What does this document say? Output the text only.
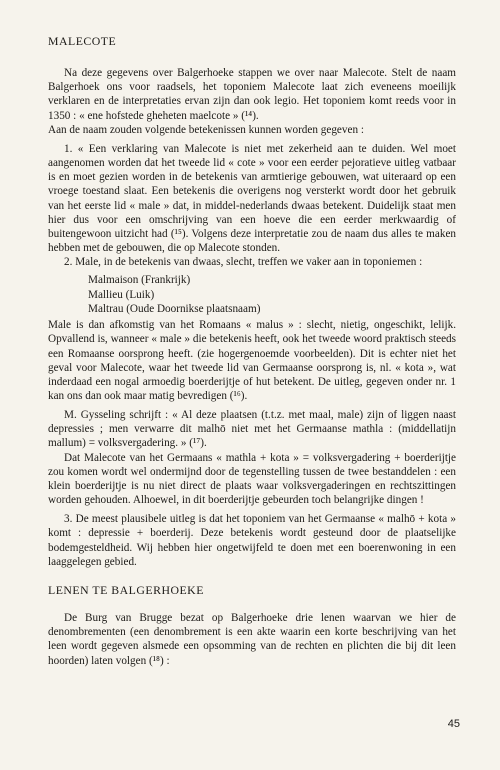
MALECOTE

Na deze gegevens over Balgerhoeke stappen we over naar Malecote. Stelt de naam Balgerhoek ons voor raadsels, het toponiem Malecote laat zich eveneens moeilijk verklaren en de interpretaties ervan zijn dan ook legio. Het toponiem komt reeds voor in 1350 : « ene hofstede gheheten maelcote » (¹⁴).

Aan de naam zouden volgende betekenissen kunnen worden gegeven :

1. « Een verklaring van Malecote is niet met zekerheid aan te duiden. Wel moet aangenomen worden dat het tweede lid « cote » voor een eerder pejoratieve uitleg vatbaar is en moet gezien worden in de betekenis van armtierige gebouwen, wat uiteraard op een vroege toestand slaat. Een betekenis die overigens nog versterkt wordt door het gebruik van het eerste lid « male » dat, in middel-nederlands dwaas betekent. Duidelijk staat men hier dus voor een omschrijving van een hoeve die een eerder merkwaardig of buitengewoon uitzicht had (¹⁵). Volgens deze interpretatie zou de naam dus alles te maken hebben met de gebouwen, die op Malecote stonden.

2. Male, in de betekenis van dwaas, slecht, treffen we vaker aan in toponiemen :

Malmaison (Frankrijk)
Mallieu (Luik)
Maltrau (Oude Doornikse plaatsnaam)

Male is dan afkomstig van het Romaans « malus » : slecht, nietig, ongeschikt, lelijk. Opvallend is, wanneer « male » die betekenis heeft, ook het tweede woord praktisch steeds een Romaanse oorsprong heeft. (zie hogergenoemde voorbeelden). Dit is echter niet het geval voor Malecote, waar het tweede lid van Germaanse oorsprong is, nl. « kota », wat inderdaad een nogal armoedig boerderijtje of hut betekent. De uitleg, gegeven onder nr. 1 kan ons dan ook maar matig bevredigen (¹⁶).

M. Gysseling schrijft : « Al deze plaatsen (t.t.z. met maal, male) zijn of liggen naast depressies ; men verwarre dit malhō niet met het Germaanse mathla : (middellatijn mallum) = volksvergadering. » (¹⁷).

Dat Malecote van het Germaans « mathla + kota » = volksvergadering + boerderijtje zou komen wordt wel ondermijnd door de tegenstelling tussen de twee bestanddelen : een klein boerderijtje is nu niet direct de plaats waar volksvergaderingen en rechtszittingen worden gehouden. Alhoewel, in dit boerderijtje gebeurden toch belangrijke dingen !

3. De meest plausibele uitleg is dat het toponiem van het Germaanse « malhō + kota » komt : depressie + boerderij. Deze betekenis wordt gesteund door de plaatselijke bodemgesteldheid. Wij hebben hier ongetwijfeld te doen met een boerenwoning in een laaggelegen gebied.

LENEN TE BALGERHOEKE

De Burg van Brugge bezat op Balgerhoeke drie lenen waarvan we hier de denombrementen (een denombrement is een akte waarin een korte beschrijving van het leen wordt gegeven alsmede een opsomming van de rechten en plichten die bij dit leen hoorden) laten volgen (¹⁸) :

45
